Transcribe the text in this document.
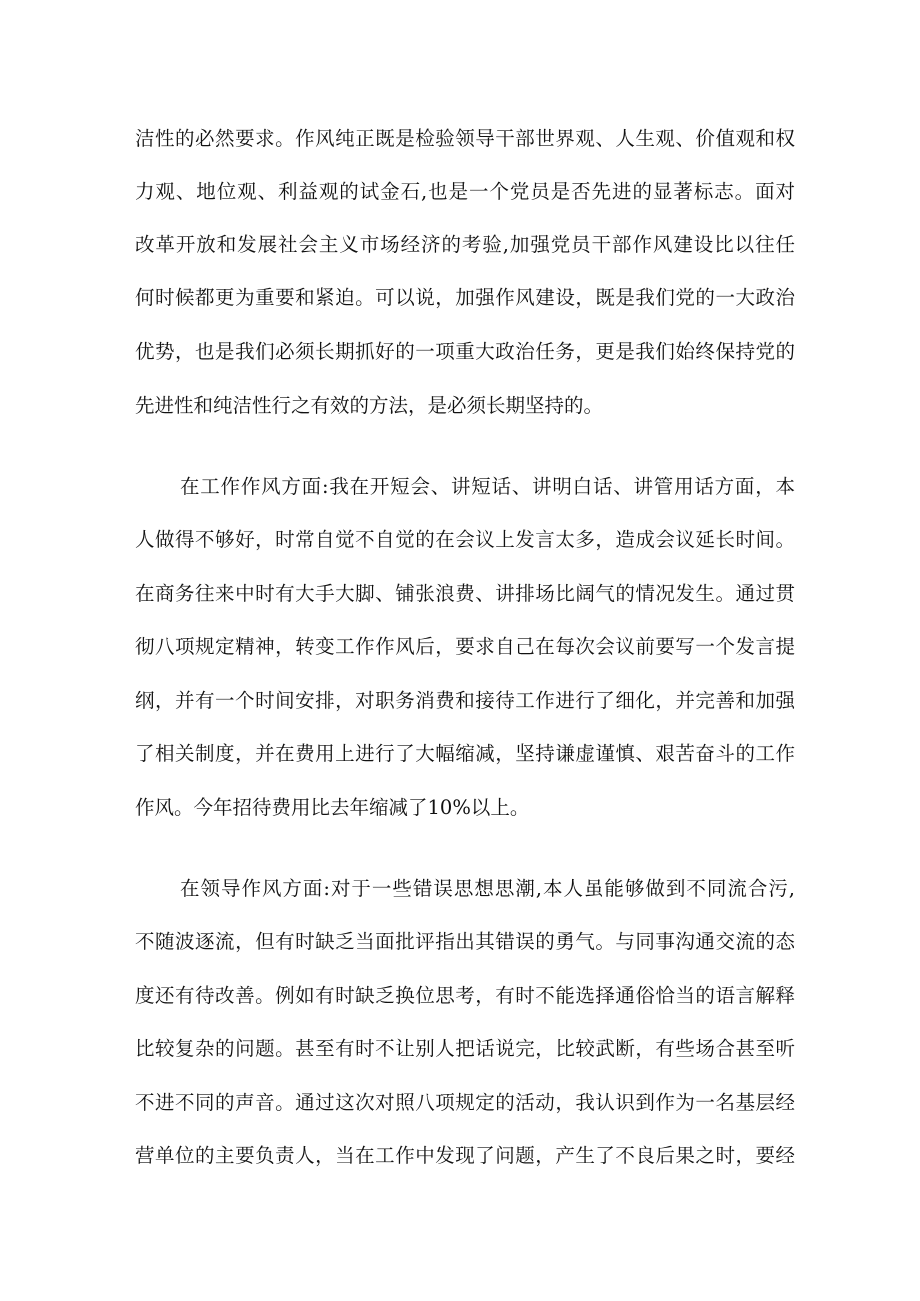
洁性的必然要求。作风纯正既是检验领导干部世界观、人生观、价值观和权
力观、地位观、利益观的试金石,也是一个党员是否先进的显著标志。面对
改革开放和发展社会主义市场经济的考验,加强党员干部作风建设比以往任
何时候都更为重要和紧迫。可以说，加强作风建设，既是我们党的一大政治
优势，也是我们必须长期抓好的一项重大政治任务，更是我们始终保持党的
先进性和纯洁性行之有效的方法，是必须长期坚持的。
在工作作风方面:我在开短会、讲短话、讲明白话、讲管用话方面，本
人做得不够好，时常自觉不自觉的在会议上发言太多，造成会议延长时间。
在商务往来中时有大手大脚、铺张浪费、讲排场比阔气的情况发生。通过贯
彻八项规定精神，转变工作作风后，要求自己在每次会议前要写一个发言提
纲，并有一个时间安排，对职务消费和接待工作进行了细化，并完善和加强
了相关制度，并在费用上进行了大幅缩减，坚持谦虚谨慎、艰苦奋斗的工作
作风。今年招待费用比去年缩减了10%以上。
在领导作风方面:对于一些错误思想思潮,本人虽能够做到不同流合污,
不随波逐流，但有时缺乏当面批评指出其错误的勇气。与同事沟通交流的态
度还有待改善。例如有时缺乏换位思考，有时不能选择通俗恰当的语言解释
比较复杂的问题。甚至有时不让别人把话说完，比较武断，有些场合甚至听
不进不同的声音。通过这次对照八项规定的活动，我认识到作为一名基层经
营单位的主要负责人，当在工作中发现了问题，产生了不良后果之时，要经
